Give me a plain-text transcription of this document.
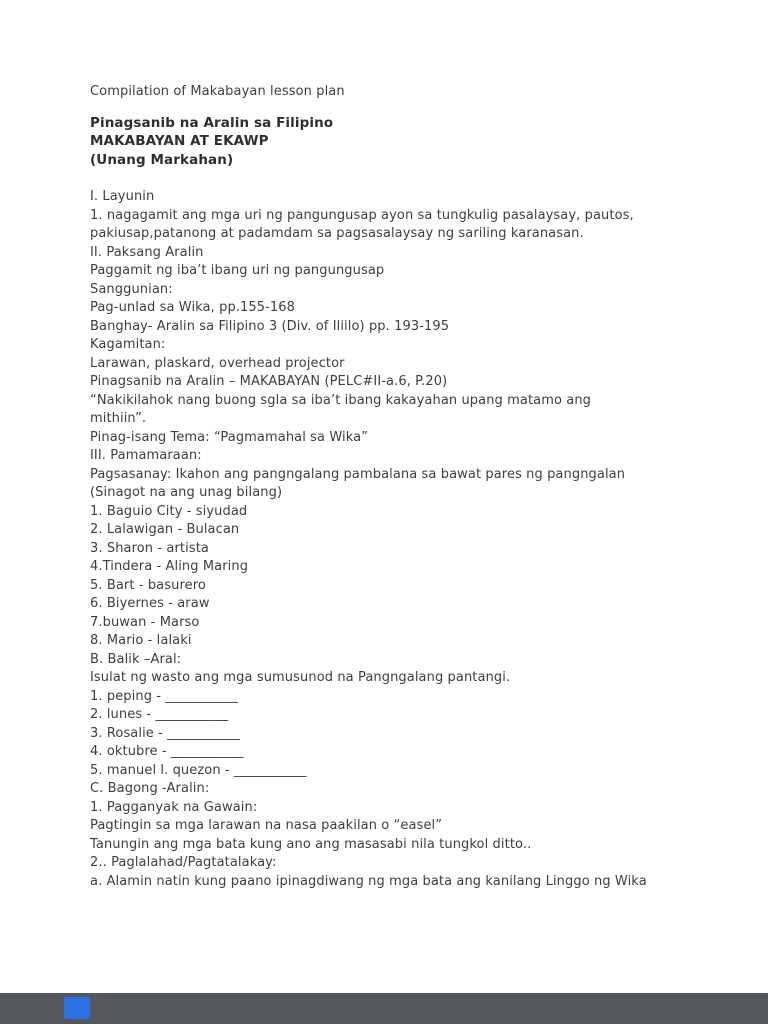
Compilation of Makabayan lesson plan
Pinagsanib na Aralin sa Filipino
MAKABAYAN AT EKAWP
(Unang Markahan)
I. Layunin
1. nagagamit ang mga uri ng pangungusap ayon sa tungkulig pasalaysay, pautos,
pakiusap,patanong at padamdam sa pagsasalaysay ng sariling karanasan.
II. Paksang Aralin
Paggamit ng iba’t ibang uri ng pangungusap
Sanggunian:
Pag-unlad sa Wika, pp.155-168
Banghay- Aralin sa Filipino 3 (Div. of Iliilo) pp. 193-195
Kagamitan:
Larawan, plaskard, overhead projector
Pinagsanib na Aralin – MAKABAYAN (PELC#II-a.6, P.20)
“Nakikilahok nang buong sgla sa iba’t ibang kakayahan upang matamo ang
mithiin”.
Pinag-isang Tema: “Pagmamahal sa Wika”
III. Pamamaraan:
Pagsasanay: Ikahon ang pangngalang pambalana sa bawat pares ng pangngalan
(Sinagot na ang unag bilang)
1. Baguio City - siyudad
2. Lalawigan - Bulacan
3. Sharon - artista
4.Tindera - Aling Maring
5. Bart - basurero
6. Biyernes - araw
7.buwan - Marso
8. Mario - lalaki
B. Balik –Aral:
Isulat ng wasto ang mga sumusunod na Pangngalang pantangi.
1. peping - ___________
2. lunes - ___________
3. Rosalie - ___________
4. oktubre - ___________
5. manuel l. quezon - ___________
C. Bagong -Aralin:
1. Pagganyak na Gawain:
Pagtingin sa mga larawan na nasa paakilan o “easel”
Tanungin ang mga bata kung ano ang masasabi nila tungkol ditto..
2.. Paglalahad/Pagtatalakay:
a. Alamin natin kung paano ipinagdiwang ng mga bata ang kanilang Linggo ng Wika
